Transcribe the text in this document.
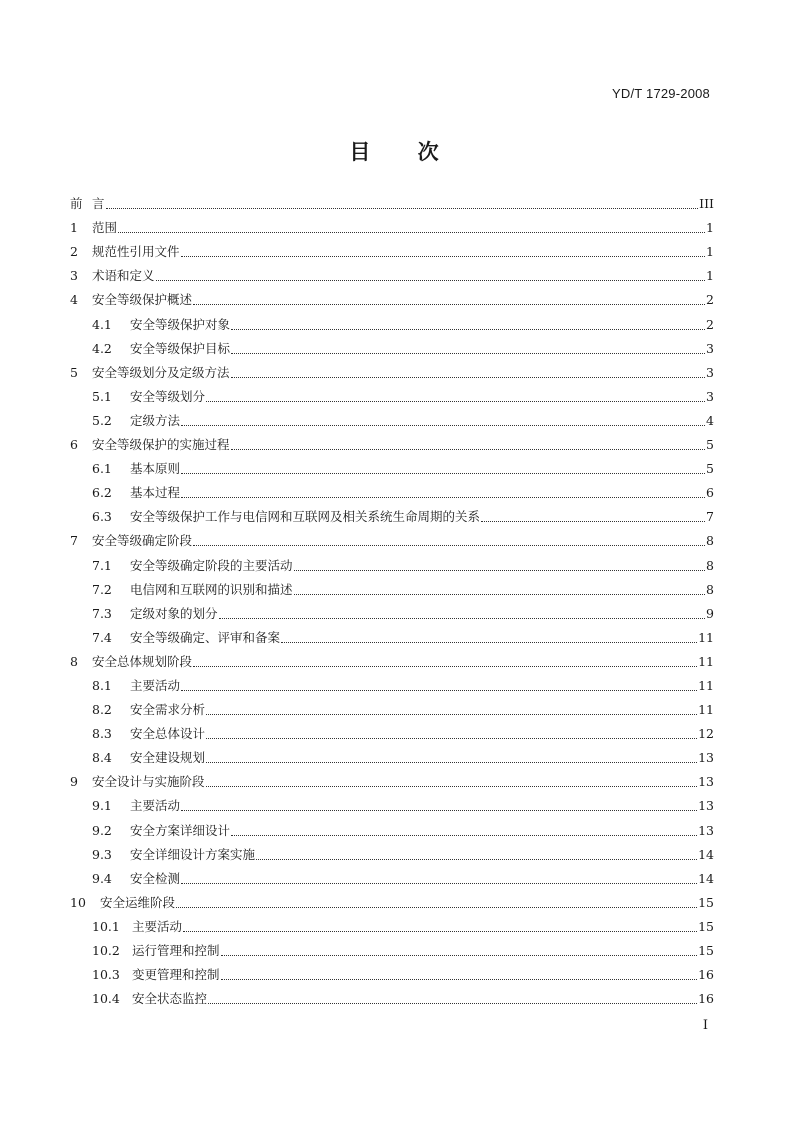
YD/T 1729-2008
目 次
前 言	III
1	范围	1
2	规范性引用文件	1
3	术语和定义	1
4	安全等级保护概述	2
4.1	安全等级保护对象	2
4.2	安全等级保护目标	3
5	安全等级划分及定级方法	3
5.1	安全等级划分	3
5.2	定级方法	4
6	安全等级保护的实施过程	5
6.1	基本原则	5
6.2	基本过程	6
6.3	安全等级保护工作与电信网和互联网及相关系统生命周期的关系	7
7	安全等级确定阶段	8
7.1	安全等级确定阶段的主要活动	8
7.2	电信网和互联网的识别和描述	8
7.3	定级对象的划分	9
7.4	安全等级确定、评审和备案	11
8	安全总体规划阶段	11
8.1	主要活动	11
8.2	安全需求分析	11
8.3	安全总体设计	12
8.4	安全建设规划	13
9	安全设计与实施阶段	13
9.1	主要活动	13
9.2	安全方案详细设计	13
9.3	安全详细设计方案实施	14
9.4	安全检测	14
10	安全运维阶段	15
10.1 主要活动	15
10.2 运行管理和控制	15
10.3 变更管理和控制	16
10.4 安全状态监控	16
I
